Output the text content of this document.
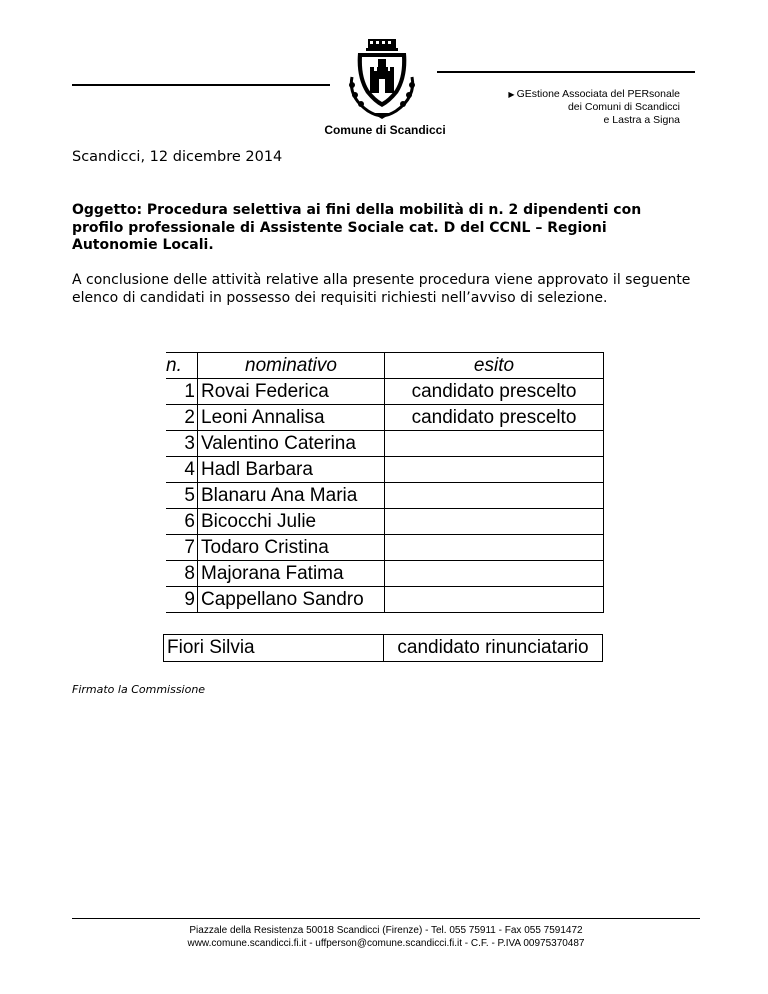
Comune di Scandicci
▶ GEstione Associata del PERsonale
dei Comuni di Scandicci
e Lastra a Signa
Scandicci, 12 dicembre 2014
Oggetto: Procedura selettiva ai fini della mobilità di n. 2 dipendenti con profilo professionale di Assistente Sociale cat. D del CCNL – Regioni Autonomie Locali.
A conclusione delle attività relative alla presente procedura viene approvato il seguente elenco di candidati in possesso dei requisiti richiesti nell’avviso di selezione.
n.	nominativo	esito
1	Rovai Federica	candidato prescelto
2	Leoni Annalisa	candidato prescelto
3	Valentino Caterina	
4	Hadl Barbara	
5	Blanaru Ana Maria	
6	Bicocchi Julie	
7	Todaro Cristina	
8	Majorana Fatima	
9	Cappellano Sandro	
Fiori Silvia	candidato rinunciatario
Firmato la Commissione
Piazzale della Resistenza 50018 Scandicci (Firenze) - Tel. 055 75911 - Fax 055 7591472
www.comune.scandicci.fi.it - uffperson@comune.scandicci.fi.it - C.F. - P.IVA 00975370487
